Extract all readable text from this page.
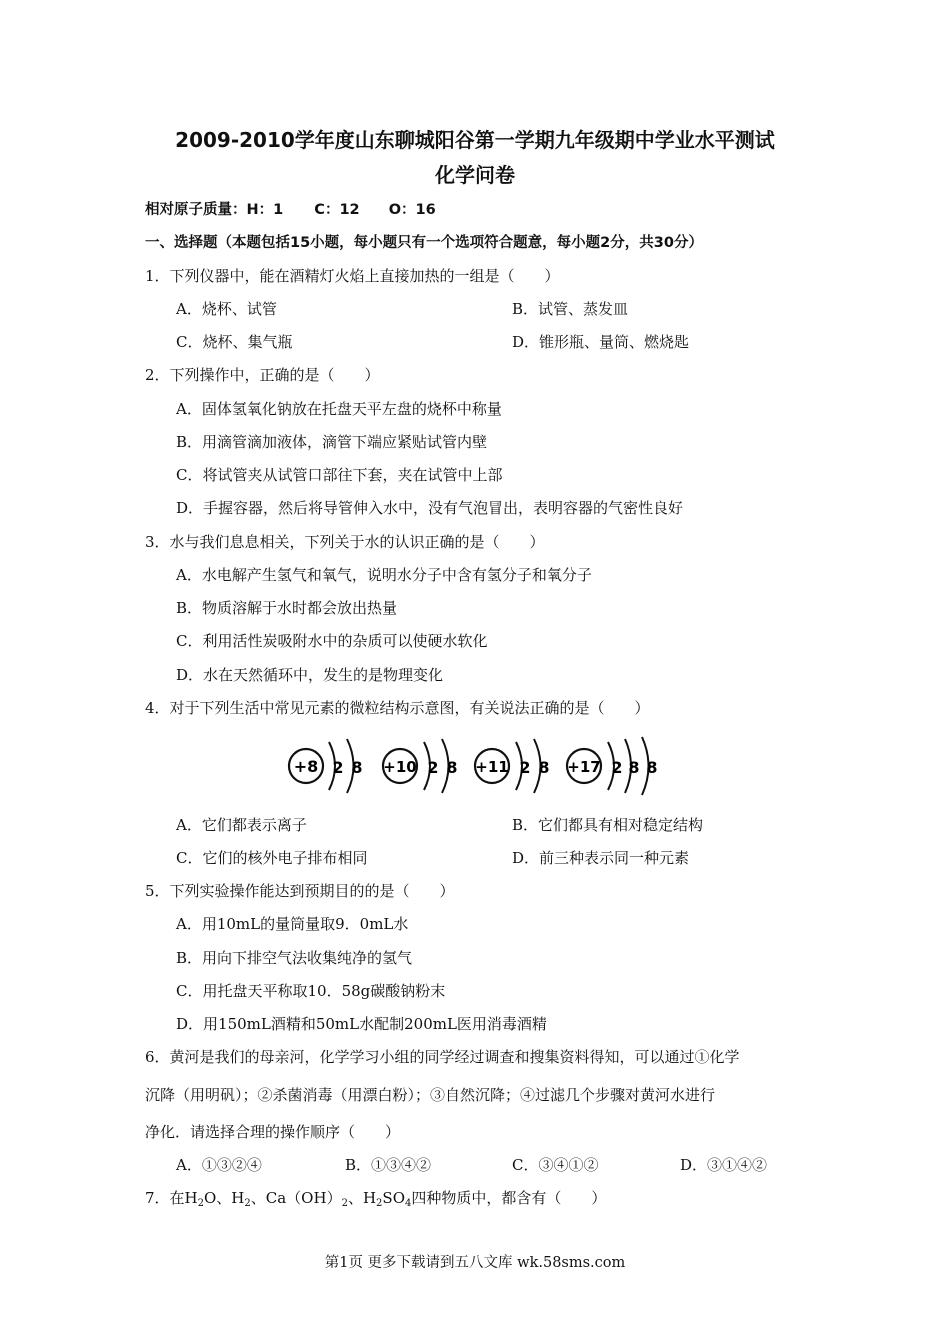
2009-2010学年度山东聊城阳谷第一学期九年级期中学业水平测试
化学问卷
相对原子质量：H：1 C：12 O：16
一、选择题（本题包括15小题，每小题只有一个选项符合题意，每小题2分，共30分）
1．下列仪器中，能在酒精灯火焰上直接加热的一组是（　　）
A．烧杯、试管	B．试管、蒸发皿
C．烧杯、集气瓶	D．锥形瓶、量筒、燃烧匙
2．下列操作中，正确的是（　　）
A．固体氢氧化钠放在托盘天平左盘的烧杯中称量
B．用滴管滴加液体，滴管下端应紧贴试管内壁
C．将试管夹从试管口部往下套，夹在试管中上部
D．手握容器，然后将导管伸入水中，没有气泡冒出，表明容器的气密性良好
3．水与我们息息相关，下列关于水的认识正确的是（　　）
A．水电解产生氢气和氧气，说明水分子中含有氢分子和氧分子
B．物质溶解于水时都会放出热量
C．利用活性炭吸附水中的杂质可以使硬水软化
D．水在天然循环中，发生的是物理变化
4．对于下列生活中常见元素的微粒结构示意图，有关说法正确的是（　　）
+8 2 8 +10 2 8 +11 2 8 +17 2 8 8
A．它们都表示离子	B．它们都具有相对稳定结构
C．它们的核外电子排布相同	D．前三种表示同一种元素
5．下列实验操作能达到预期目的的是（　　）
A．用10mL的量筒量取9．0mL水
B．用向下排空气法收集纯净的氢气
C．用托盘天平称取10．58g碳酸钠粉末
D．用150mL酒精和50mL水配制200mL医用消毒酒精
6．黄河是我们的母亲河，化学学习小组的同学经过调查和搜集资料得知，可以通过①化学
沉降（用明矾）；②杀菌消毒（用漂白粉）；③自然沉降；④过滤几个步骤对黄河水进行
净化．请选择合理的操作顺序（　　）
A．①③②④	B．①③④②	C．③④①②	D．③①④②
7．在$H_2O$、$H_2$、$Ca(OH)_2$、$H_2SO_4$四种物质中，都含有（　　）
第1页 更多下载请到五八文库 wk.58sms.com
